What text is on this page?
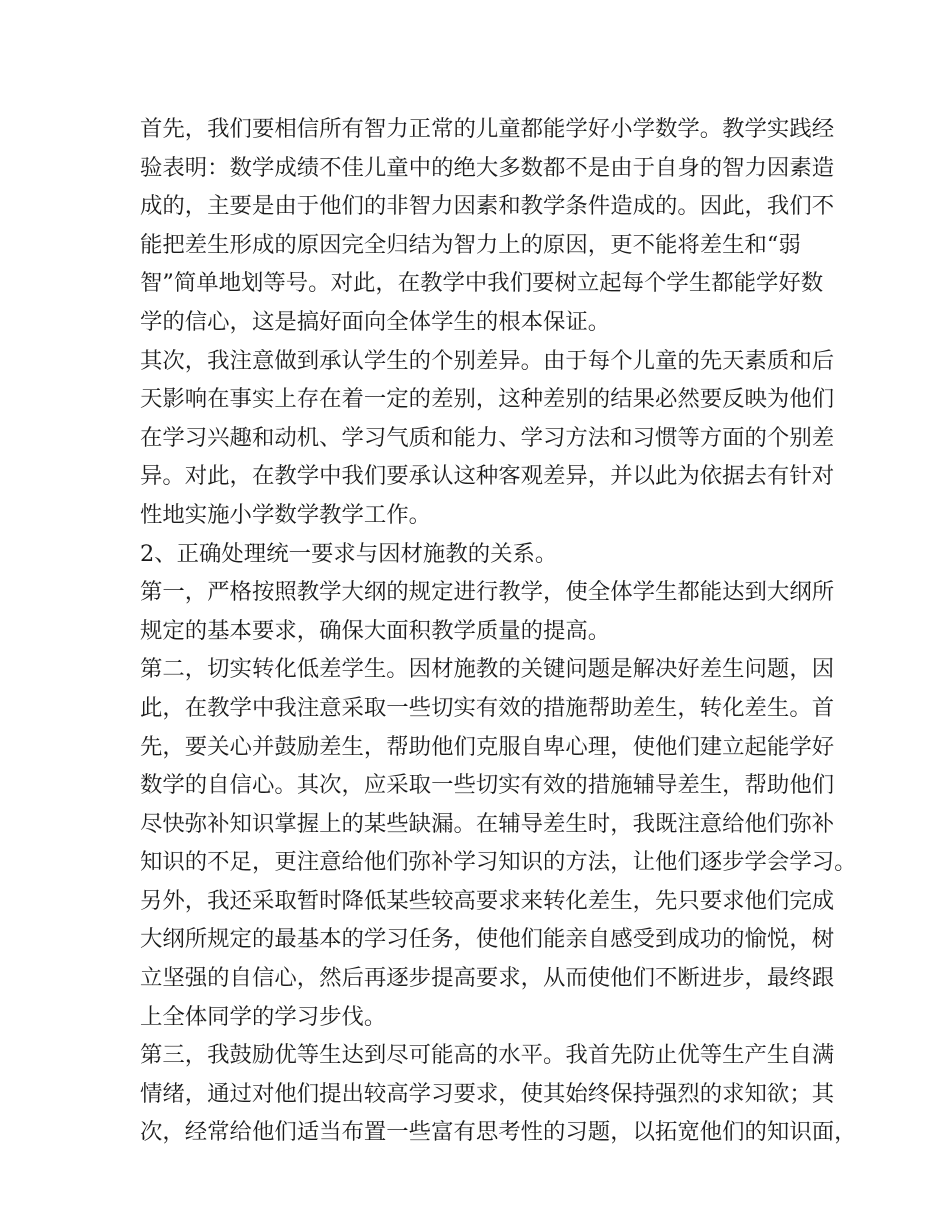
首先，我们要相信所有智力正常的儿童都能学好小学数学。教学实践经
验表明：数学成绩不佳儿童中的绝大多数都不是由于自身的智力因素造
成的，主要是由于他们的非智力因素和教学条件造成的。因此，我们不
能把差生形成的原因完全归结为智力上的原因，更不能将差生和“弱
智”简单地划等号。对此，在教学中我们要树立起每个学生都能学好数
学的信心，这是搞好面向全体学生的根本保证。
其次，我注意做到承认学生的个别差异。由于每个儿童的先天素质和后
天影响在事实上存在着一定的差别，这种差别的结果必然要反映为他们
在学习兴趣和动机、学习气质和能力、学习方法和习惯等方面的个别差
异。对此，在教学中我们要承认这种客观差异，并以此为依据去有针对
性地实施小学数学教学工作。
2、正确处理统一要求与因材施教的关系。
第一，严格按照教学大纲的规定进行教学，使全体学生都能达到大纲所
规定的基本要求，确保大面积教学质量的提高。
第二，切实转化低差学生。因材施教的关键问题是解决好差生问题，因
此，在教学中我注意采取一些切实有效的措施帮助差生，转化差生。首
先，要关心并鼓励差生，帮助他们克服自卑心理，使他们建立起能学好
数学的自信心。其次，应采取一些切实有效的措施辅导差生，帮助他们
尽快弥补知识掌握上的某些缺漏。在辅导差生时，我既注意给他们弥补
知识的不足，更注意给他们弥补学习知识的方法，让他们逐步学会学习。
另外，我还采取暂时降低某些较高要求来转化差生，先只要求他们完成
大纲所规定的最基本的学习任务，使他们能亲自感受到成功的愉悦，树
立坚强的自信心，然后再逐步提高要求，从而使他们不断进步，最终跟
上全体同学的学习步伐。
第三，我鼓励优等生达到尽可能高的水平。我首先防止优等生产生自满
情绪，通过对他们提出较高学习要求，使其始终保持强烈的求知欲；其
次，经常给他们适当布置一些富有思考性的习题，以拓宽他们的知识面，
